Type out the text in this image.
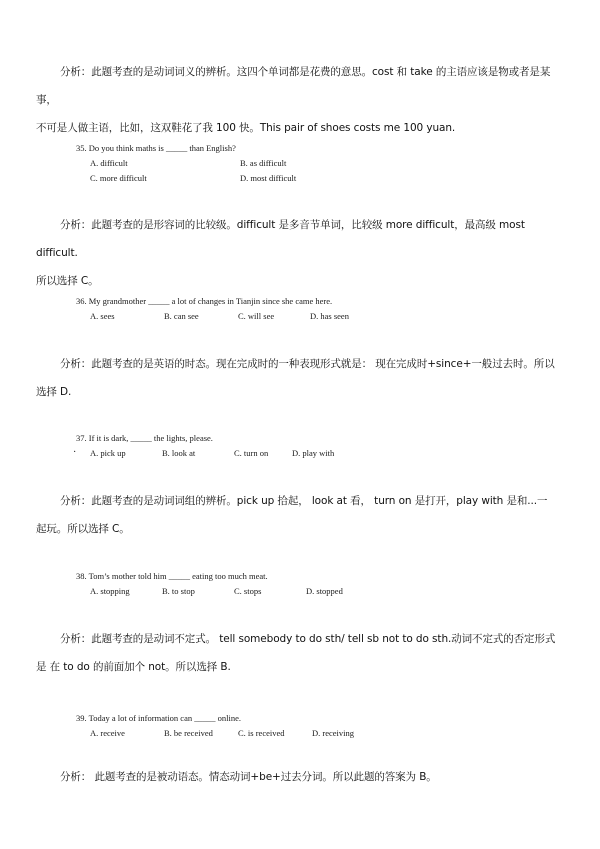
分析：此题考查的是动词词义的辨析。这四个单词都是花费的意思。cost 和 take 的主语应该是物或者是某事，
不可是人做主语，比如，这双鞋花了我 100 快。This pair of shoes costs me 100 yuan.
35. Do you think maths is _____ than English?
A. difficult	B. as difficult
C. more difficult	D. most difficult
分析：此题考查的是形容词的比较级。difficult 是多音节单词，比较级 more difficult，最高级 most difficult.
所以选择 C。
36. My grandmother _____ a lot of changes in Tianjin since she came here.
A. sees	B. can see	C. will see	D. has seen
分析：此题考查的是英语的时态。现在完成时的一种表现形式就是： 现在完成时+since+一般过去时。所以
选择 D.
37. If it is dark, _____ the lights, please.
· A. pick up	B. look at	C. turn on	D. play with
分析：此题考查的是动词词组的辨析。pick up 拾起， look at 看， turn on 是打开，play with 是和...一
起玩。所以选择 C。
38. Tom’s mother told him _____ eating too much meat.
A. stopping	B. to stop	C. stops	D. stopped
分析：此题考查的是动词不定式。 tell somebody to do sth/ tell sb not to do sth.动词不定式的否定形式
是 在 to do 的前面加个 not。所以选择 B.
39. Today a lot of information can _____ online.
A. receive	B. be received	C. is received	D. receiving
分析： 此题考查的是被动语态。情态动词+be+过去分词。所以此题的答案为 B。
